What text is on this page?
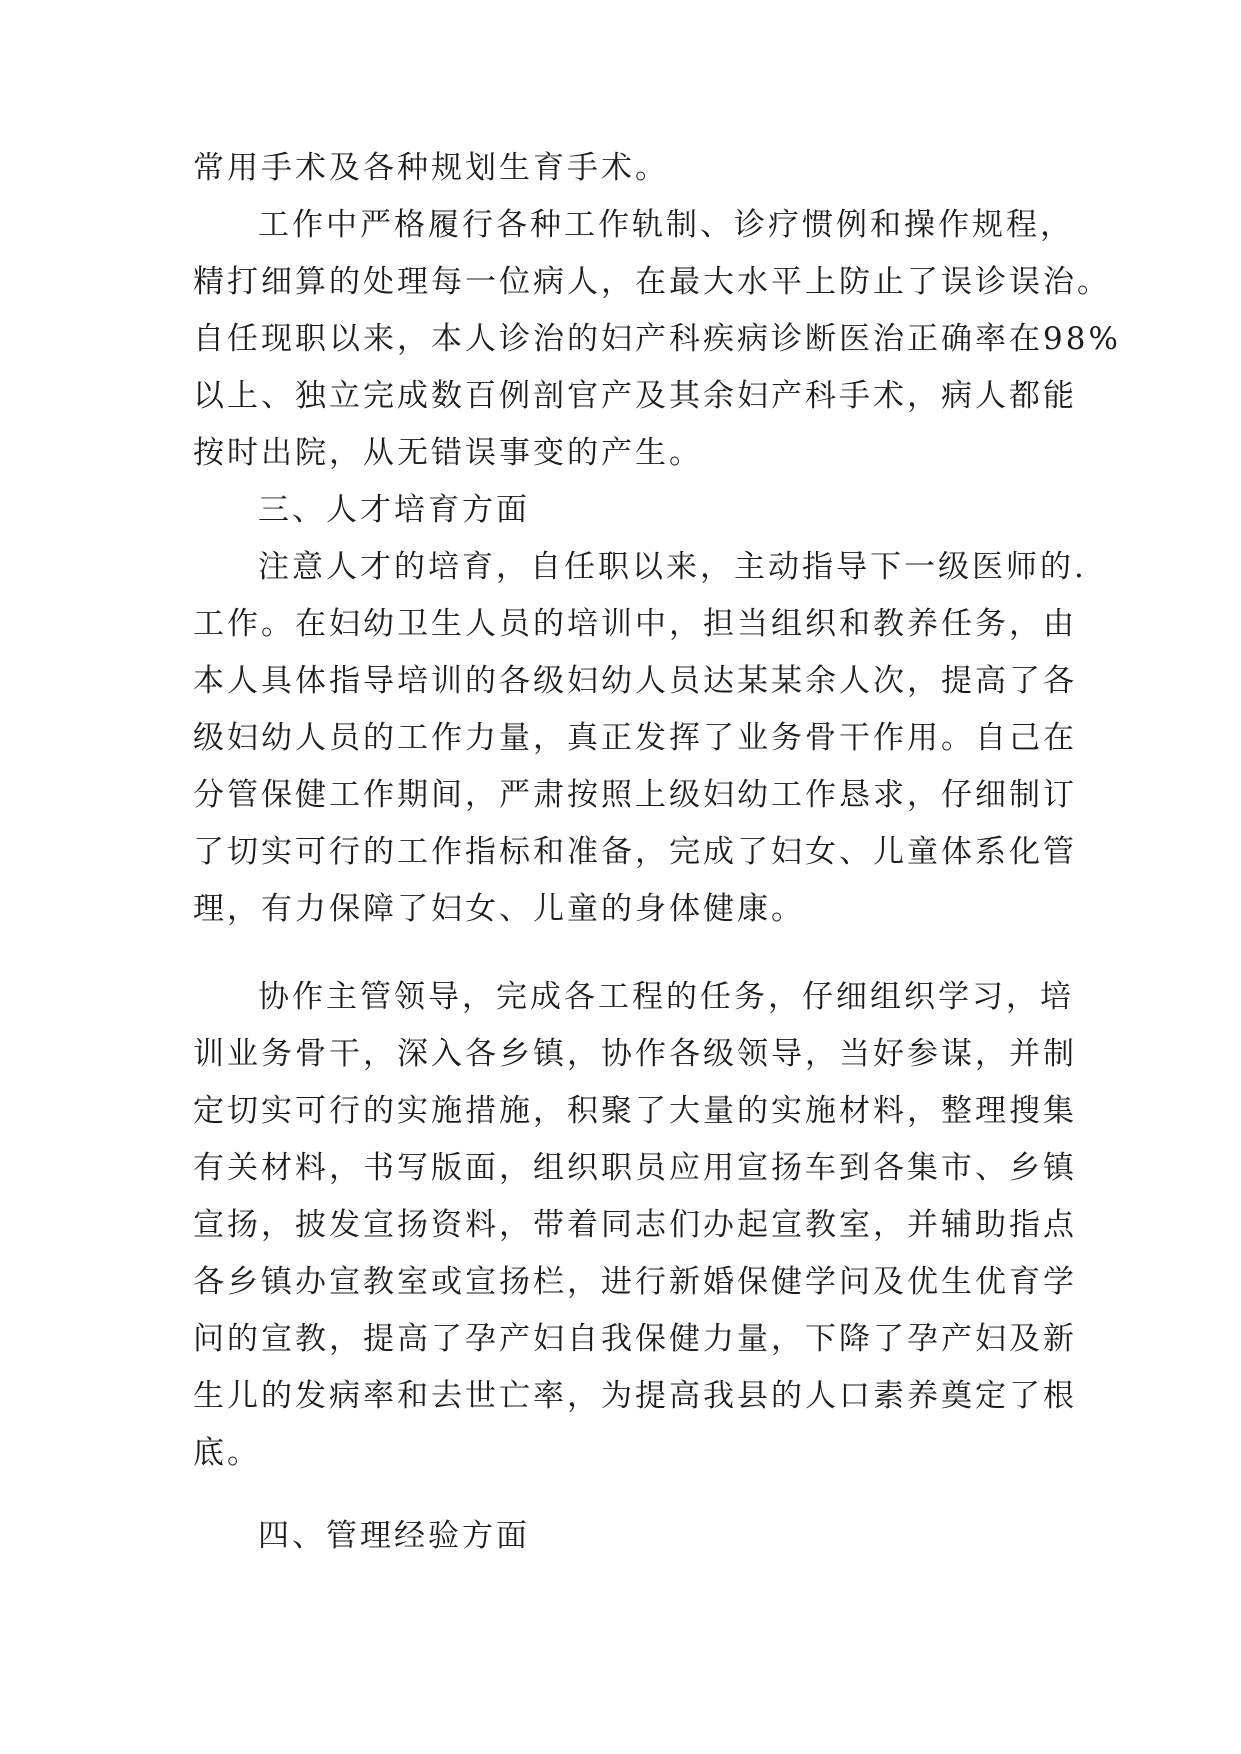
常用手术及各种规划生育手术。
工作中严格履行各种工作轨制、诊疗惯例和操作规程，
精打细算的处理每一位病人，在最大水平上防止了误诊误治。
自任现职以来，本人诊治的妇产科疾病诊断医治正确率在98%
以上、独立完成数百例剖官产及其余妇产科手术，病人都能
按时出院，从无错误事变的产生。
三、人才培育方面
注意人才的培育，自任职以来，主动指导下一级医师的.
工作。在妇幼卫生人员的培训中，担当组织和教养任务，由
本人具体指导培训的各级妇幼人员达某某余人次，提高了各
级妇幼人员的工作力量，真正发挥了业务骨干作用。自己在
分管保健工作期间，严肃按照上级妇幼工作恳求，仔细制订
了切实可行的工作指标和准备，完成了妇女、儿童体系化管
理，有力保障了妇女、儿童的身体健康。
协作主管领导，完成各工程的任务，仔细组织学习，培
训业务骨干，深入各乡镇，协作各级领导，当好参谋，并制
定切实可行的实施措施，积聚了大量的实施材料，整理搜集
有关材料，书写版面，组织职员应用宣扬车到各集市、乡镇
宣扬，披发宣扬资料，带着同志们办起宣教室，并辅助指点
各乡镇办宣教室或宣扬栏，进行新婚保健学问及优生优育学
问的宣教，提高了孕产妇自我保健力量，下降了孕产妇及新
生儿的发病率和去世亡率，为提高我县的人口素养奠定了根
底。
四、管理经验方面
